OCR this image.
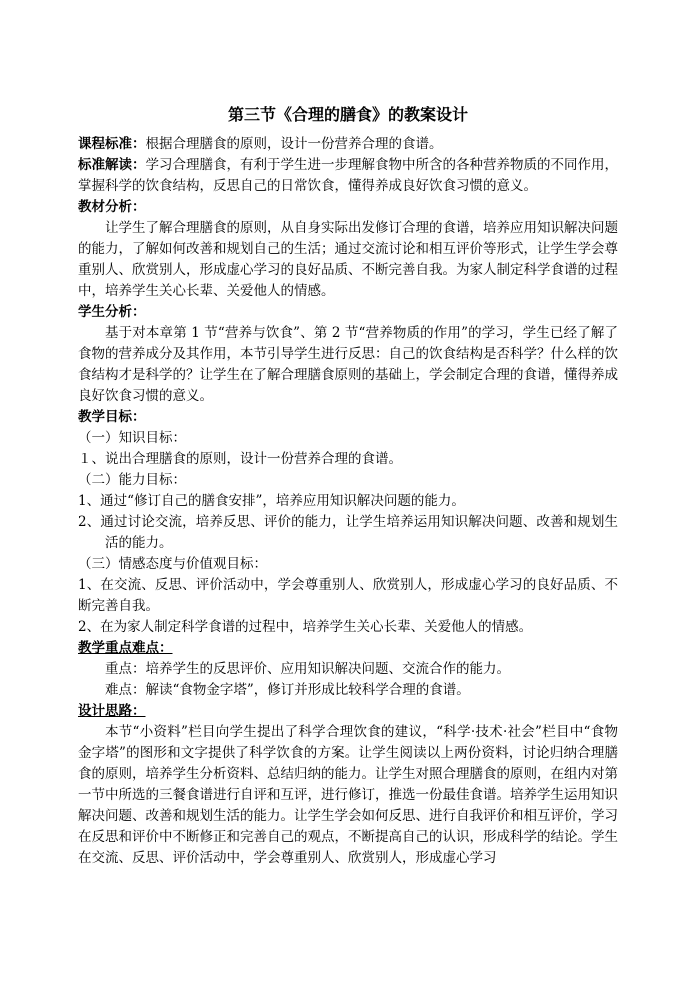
第三节《合理的膳食》的教案设计

课程标准：根据合理膳食的原则，设计一份营养合理的食谱。

标准解读：学习合理膳食，有利于学生进一步理解食物中所含的各种营养物质的不同作用，掌握科学的饮食结构，反思自己的日常饮食，懂得养成良好饮食习惯的意义。

教材分析：

让学生了解合理膳食的原则，从自身实际出发修订合理的食谱，培养应用知识解决问题的能力，了解如何改善和规划自己的生活；通过交流讨论和相互评价等形式，让学生学会尊重别人、欣赏别人，形成虚心学习的良好品质、不断完善自我。为家人制定科学食谱的过程中，培养学生关心长辈、关爱他人的情感。

学生分析：

基于对本章第 1 节“营养与饮食”、第 2 节“营养物质的作用”的学习，学生已经了解了食物的营养成分及其作用，本节引导学生进行反思：自己的饮食结构是否科学？什么样的饮食结构才是科学的？让学生在了解合理膳食原则的基础上，学会制定合理的食谱，懂得养成良好饮食习惯的意义。

教学目标：

（一）知识目标：

１、说出合理膳食的原则，设计一份营养合理的食谱。

（二）能力目标：

1、通过“修订自己的膳食安排”，培养应用知识解决问题的能力。

2、通过讨论交流，培养反思、评价的能力，让学生培养运用知识解决问题、改善和规划生活的能力。

（三）情感态度与价值观目标：

1、在交流、反思、评价活动中，学会尊重别人、欣赏别人，形成虚心学习的良好品质、不断完善自我。

2、在为家人制定科学食谱的过程中，培养学生关心长辈、关爱他人的情感。

教学重点难点：

重点：培养学生的反思评价、应用知识解决问题、交流合作的能力。

难点：解读“食物金字塔”，修订并形成比较科学合理的食谱。

设计思路：

本节“小资料”栏目向学生提出了科学合理饮食的建议，“科学·技术·社会”栏目中“食物金字塔”的图形和文字提供了科学饮食的方案。让学生阅读以上两份资料，讨论归纳合理膳食的原则，培养学生分析资料、总结归纳的能力。让学生对照合理膳食的原则，在组内对第一节中所选的三餐食谱进行自评和互评，进行修订，推选一份最佳食谱。培养学生运用知识解决问题、改善和规划生活的能力。让学生学会如何反思、进行自我评价和相互评价，学习在反思和评价中不断修正和完善自己的观点，不断提高自己的认识，形成科学的结论。学生在交流、反思、评价活动中，学会尊重别人、欣赏别人，形成虚心学习
